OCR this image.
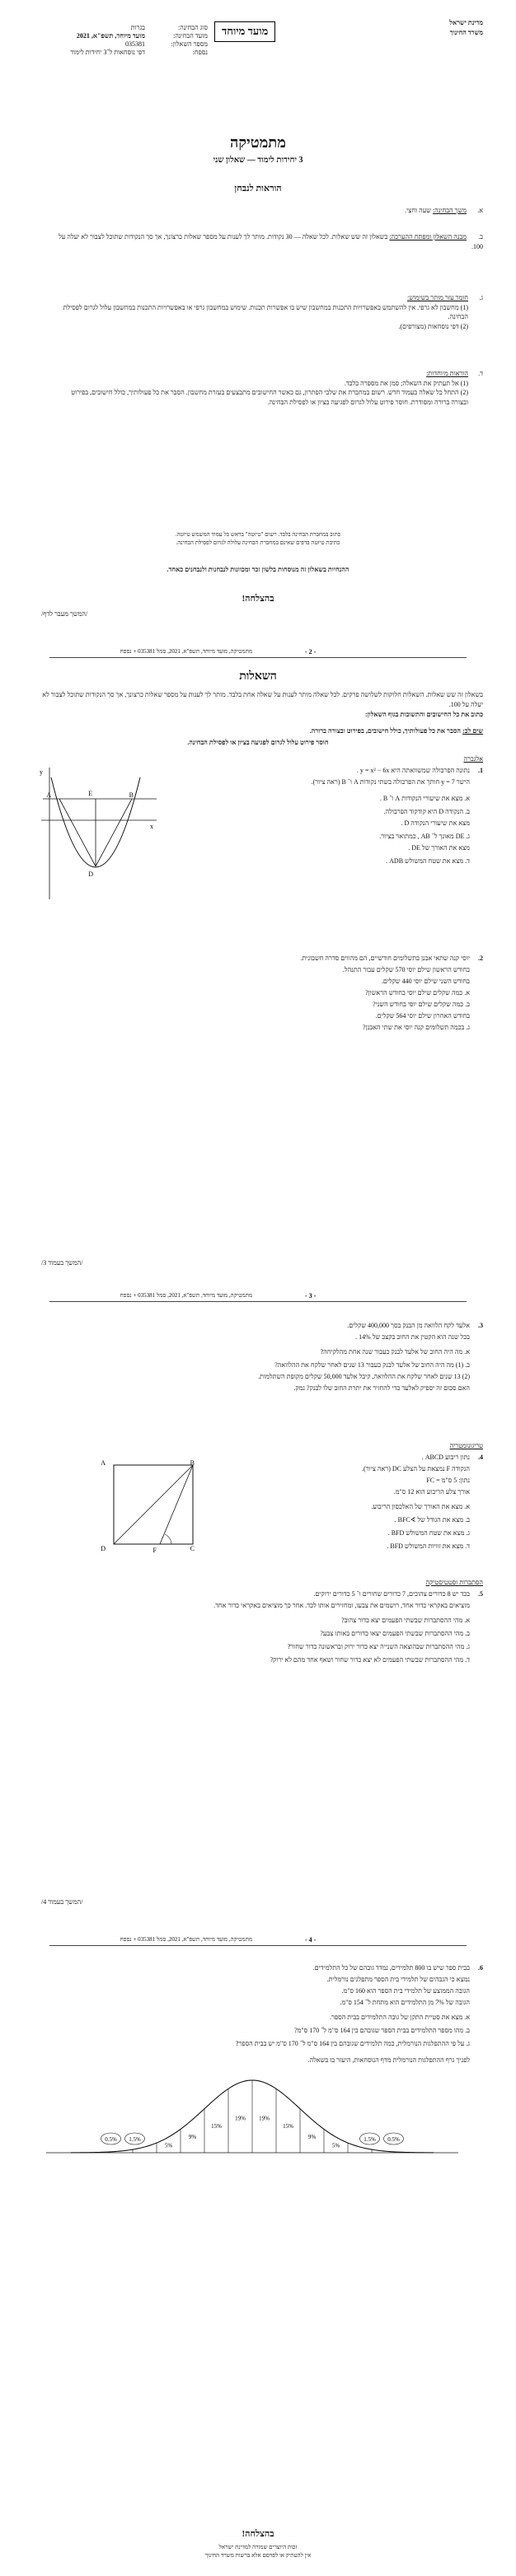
מדינת ישראל
משרד החינוך
מועד מיוחד
סוג הבחינה:
בגרות
מועד הבחינה:
מועד מיוחד, תשפ"א, 2021
מספר השאלון:
035381
נספח:
דפי נוסחאות ל־3 יחידות לימוד
מתמטיקה
3 יחידות לימוד — שאלון שני
הוראות לנבחן
א. משך הבחינה: שעה וחצי.
ב. מבנה השאלון ומפתח ההערכה: בשאלון זה שש שאלות. לכל שאלה — 30 נקודות. מותר לך לענות על מספר שאלות כרצונך, אך סך הנקודות שתוכל לצבור לא יעלה על 100.
ג.חומר עזר מותר בשימוש:
(1) מחשבון לא גרפי. אין להשתמש באפשרויות התכנות במחשבון שיש בו אפשרות תכנות. שימוש במחשבון גרפי או באפשרויות התכנות במחשבון עלול לגרום לפסילת הבחינה.
(2) דפי נוסחאות (מצורפים).
ד.הוראות מיוחדות:
(1) אל תעתיק את השאלה; סמן את מספרה בלבד.
(2) התחל כל שאלה בעמוד חדש. רשום במחברת את שלבי הפתרון, גם כאשר החישובים מתבצעים בעזרת מחשבון. הסבר את כל פעולותיך, כולל חישובים, בפירוט ובצורה ברורה ומסודרת. חוסר פירוט עלול לגרום לפגיעה בציון או לפסילת הבחינה.
כתוב במחברת הבחינה בלבד. רשום "טיוטה" בראש כל עמוד המשמש טיוטה.
כתיבת טיוטה בדפים שאינם במחברת הבחינה עלולה לגרום לפסילת הבחינה.
ההנחיות בשאלון זה מנוסחות בלשון זכר ומכוונות לנבחנות ולנבחנים כאחד.
בהצלחה!
/המשך מעבר לדף/
מתמטיקה, מועד מיוחד, תשפ"א, 2021, סמל 035381 + נספח	- 2 -
השאלות
בשאלון זה שש שאלות. השאלות חלוקות לשלושה פרקים. לכל שאלה מותר לענות על שאלה אחת בלבד. מותר לך לענות על מספר שאלות כרצונך, אך סך הנקודות שתוכל לצבור לא יעלה על 100.
כתוב את כל החישובים והתשובות בגוף השאלון:
שים לב: הסבר את כל פעולותיך, כולל חישובים, בפירוט ובצורה ברורה.
חוסר פירוט עלול לגרום לפגיעה בציון או לפסילת הבחינה.
אלגברה
1.
נתונה הפרבולה שמשוואתה היא y = x² − 6x .
הישר y = 7 חותך את הפרבולה בשתי נקודות A ו־ B (ראה ציור).
א. מצא את שיעורי הנקודות A ו־ B .
ב. הנקודה D היא קודקוד הפרבולה.
מצא את שיעורי הנקודה D .
ג. DE מאונך ל־ AB , כמתואר בציור.
מצא את האורך של DE .
ד. מצא את שטח המשולש ADB .
y
x
A	E	B
D
2.
יוסי קנה שתאי אבנן בתשלומים חודשיים, הם מהווים סדרה חשבונית.
בחודש הראשון שילם יוסי 570 שקלים עבור התנהל.
בחודש השני שילם יוסי 440 שקלים.
א. כמה שקלים שילם יוסי בחודש הראשון?
ב. כמה שקלים שילם יוסי בחודש השני?
בחודש האחרון שילם יוסי 564 שקלים.
ג. בכמה תשלומים קנה יוסי את שתי האבנן?
/המשך בעמוד 3/
מתמטיקה, מועד מיוחד, תשפ"א, 2021, סמל 035381 + נספח	- 3 -
3.
אלעד לקח הלוואה מן הבנק בסך 400,000 שקלים.
בכל שנה הוא הקטין את החוב בקצב של 14% .
א. מה היה החוב של אלעד לבנק כעבור שנה אחת מהלקיחה?
ב. (1) מה היה החוב של אלעד לבנק כעבור 13 שנים לאחר שלקח את ההלוואה?
(2) 13 שנים לאחר שלקח את ההלוואה, קיבל אלעד 50,000 שקלים מקופת השתלמות.
האם סכום זה יספיק לאלעד כדי להחזיר את יתרת החוב שלו לבנק? נמק.
טריגונומטריה
4.
נתון ריבוע ABCD .
הנקודה F נמצאת על הצלע DC (ראה ציור).
נתון: 5 ס"מ = FC
אורך צלע הריבוע הוא 12 ס"מ.
א. מצא את האורך של האלכסון הריבוע.
ב. מצא את הגודל של ∢BFC .
ג. מצא את שטח המשולש BFD .
ד. מצא את זוויות המשולש BFD .
A	B
D	F	C
הסתברות וסטטיסטיקה
5.
בכד יש 8 כדורים צהובים, 7 כדורים שחורים ו־ 5 כדורים ירוקים.
מוציאים באקראי כדור אחד, רושמים את צבעו, ומחזירים אותו לכד. אחר כך מוציאים באקראי כדור אחד.
א. מהי ההסתברות שבשתי הפעמים יצא כדור צהוב?
ב. מהי ההסתברות שבשתי הפעמים יצאו כדורים באותו צבע?
ג. מהי ההסתברות שבהוצאה השנייה יצא כדור ירוק ובראשונה כדור שחור?
ד. מהי ההסתברות שבשתי הפעמים לא יצא כדור שחור ושאף אחד מהם לא ירוק?
/המשך בעמוד 4/
מתמטיקה, מועד מיוחד, תשפ"א, 2021, סמל 035381 + נספח	- 4 -
6.
בבית ספר שיש בו 800 תלמידים, נמדד גובהם של כל התלמידים.
נמצא כי הגבהים של תלמידי בית הספר מתפלגים נורמלית.
הגובה הממוצע של תלמידי בית הספר הוא 160 ס"מ.
הגובה של 7% מן התלמידים הוא מתחת ל־ 154 ס"מ.
א. מצא את סטיית התקן של גובה התלמידים בבית הספר.
ב. מהו מספר התלמידים בבית הספר שגובהם בין 164 ס"מ ל־ 170 ס"מ?
ג. על פי ההתפלגות הנורמלית, כמה תלמידים שגובהם בין 164 ס"מ ל־ 170 ס"מ יש בבית הספר?
לפניך גרף ההתפלגות הנורמלית מדף הנוסחאות, היעזר בו בשאלה.
0.5% 1.5%
5%
9%
15%
19% 19%
15%
9%
5%
1.5% 0.5%
בהצלחה!
זכות היוצרים שמורה למדינת ישראל
אין להעתיק או לפרסם אלא ברשות משרד החינוך
